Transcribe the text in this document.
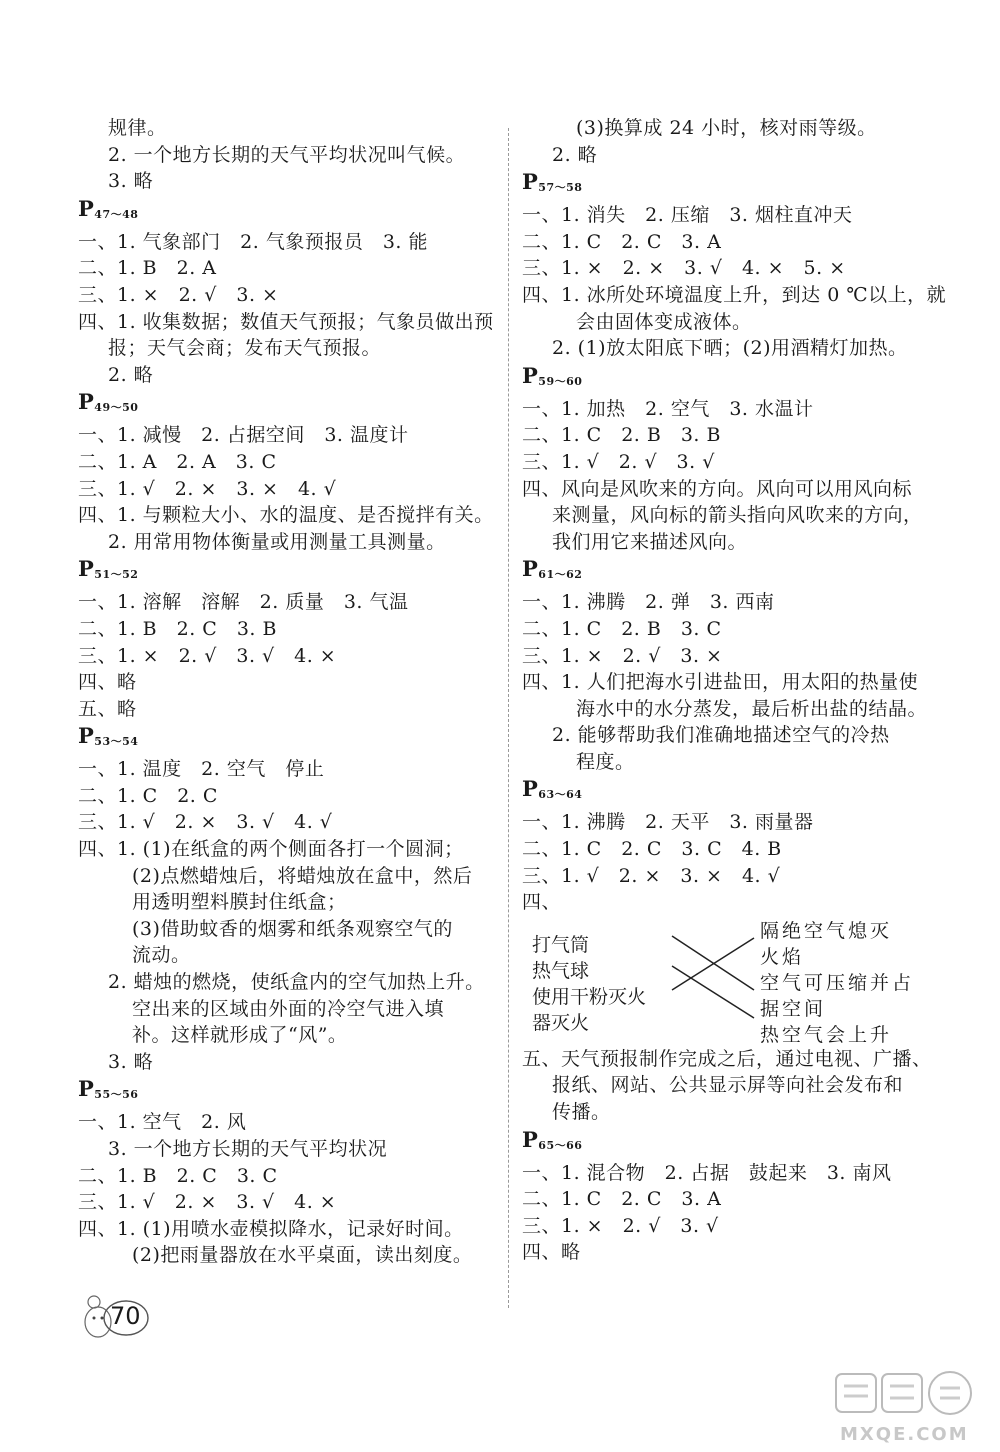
规律。
2. 一个地方长期的天气平均状况叫气候。
3. 略
$P_{47\sim 48}$
一、1. 气象部门　2. 气象预报员　3. 能
二、1. B　2. A
三、1. ×　2. √　3. ×
四、1. 收集数据；数值天气预报；气象员做出预
报；天气会商；发布天气预报。
2. 略
$P_{49\sim 50}$
一、1. 减慢　2. 占据空间　3. 温度计
二、1. A　2. A　3. C
三、1. √　2. ×　3. ×　4. √
四、1. 与颗粒大小、水的温度、是否搅拌有关。
2. 用常用物体衡量或用测量工具测量。
$P_{51\sim 52}$
一、1. 溶解　溶解　2. 质量　3. 气温
二、1. B　2. C　3. B
三、1. ×　2. √　3. √　4. ×
四、略
五、略
$P_{53\sim 54}$
一、1. 温度　2. 空气　停止
二、1. C　2. C
三、1. √　2. ×　3. √　4. √
四、1. (1)在纸盒的两个侧面各打一个圆洞；
(2)点燃蜡烛后，将蜡烛放在盒中，然后
用透明塑料膜封住纸盒；
(3)借助蚊香的烟雾和纸条观察空气的
流动。
2. 蜡烛的燃烧，使纸盒内的空气加热上升。
空出来的区域由外面的冷空气进入填
补。这样就形成了“风”。
3. 略
$P_{55\sim 56}$
一、1. 空气　2. 风
3. 一个地方长期的天气平均状况
二、1. B　2. C　3. C
三、1. √　2. ×　3. √　4. ×
四、1. (1)用喷水壶模拟降水，记录好时间。
(2)把雨量器放在水平桌面，读出刻度。
(3)换算成 24 小时，核对雨等级。
2. 略
$P_{57\sim 58}$
一、1. 消失　2. 压缩　3. 烟柱直冲天
二、1. C　2. C　3. A
三、1. ×　2. ×　3. √　4. ×　5. ×
四、1. 冰所处环境温度上升，到达 0 ℃以上，就
会由固体变成液体。
2. (1)放太阳底下晒；(2)用酒精灯加热。
$P_{59\sim 60}$
一、1. 加热　2. 空气　3. 水温计
二、1. C　2. B　3. B
三、1. √　2. √　3. √
四、风向是风吹来的方向。风向可以用风向标
来测量，风向标的箭头指向风吹来的方向，
我们用它来描述风向。
$P_{61\sim 62}$
一、1. 沸腾　2. 弹　3. 西南
二、1. C　2. B　3. C
三、1. ×　2. √　3. ×
四、1. 人们把海水引进盐田，用太阳的热量使
海水中的水分蒸发，最后析出盐的结晶。
2. 能够帮助我们准确地描述空气的冷热
程度。
$P_{63\sim 64}$
一、1. 沸腾　2. 天平　3. 雨量器
二、1. C　2. C　3. C　4. B
三、1. √　2. ×　3. ×　4. √
四、
打气筒
热气球
使用干粉灭火
器灭火
隔绝空气熄灭
火焰
空气可压缩并占
据空间
热空气会上升
五、天气预报制作完成之后，通过电视、广播、
报纸、网站、公共显示屏等向社会发布和
传播。
$P_{65\sim 66}$
一、1. 混合物　2. 占据　鼓起来　3. 南风
二、1. C　2. C　3. A
三、1. ×　2. √　3. √
四、略
70
MXQE.COM
